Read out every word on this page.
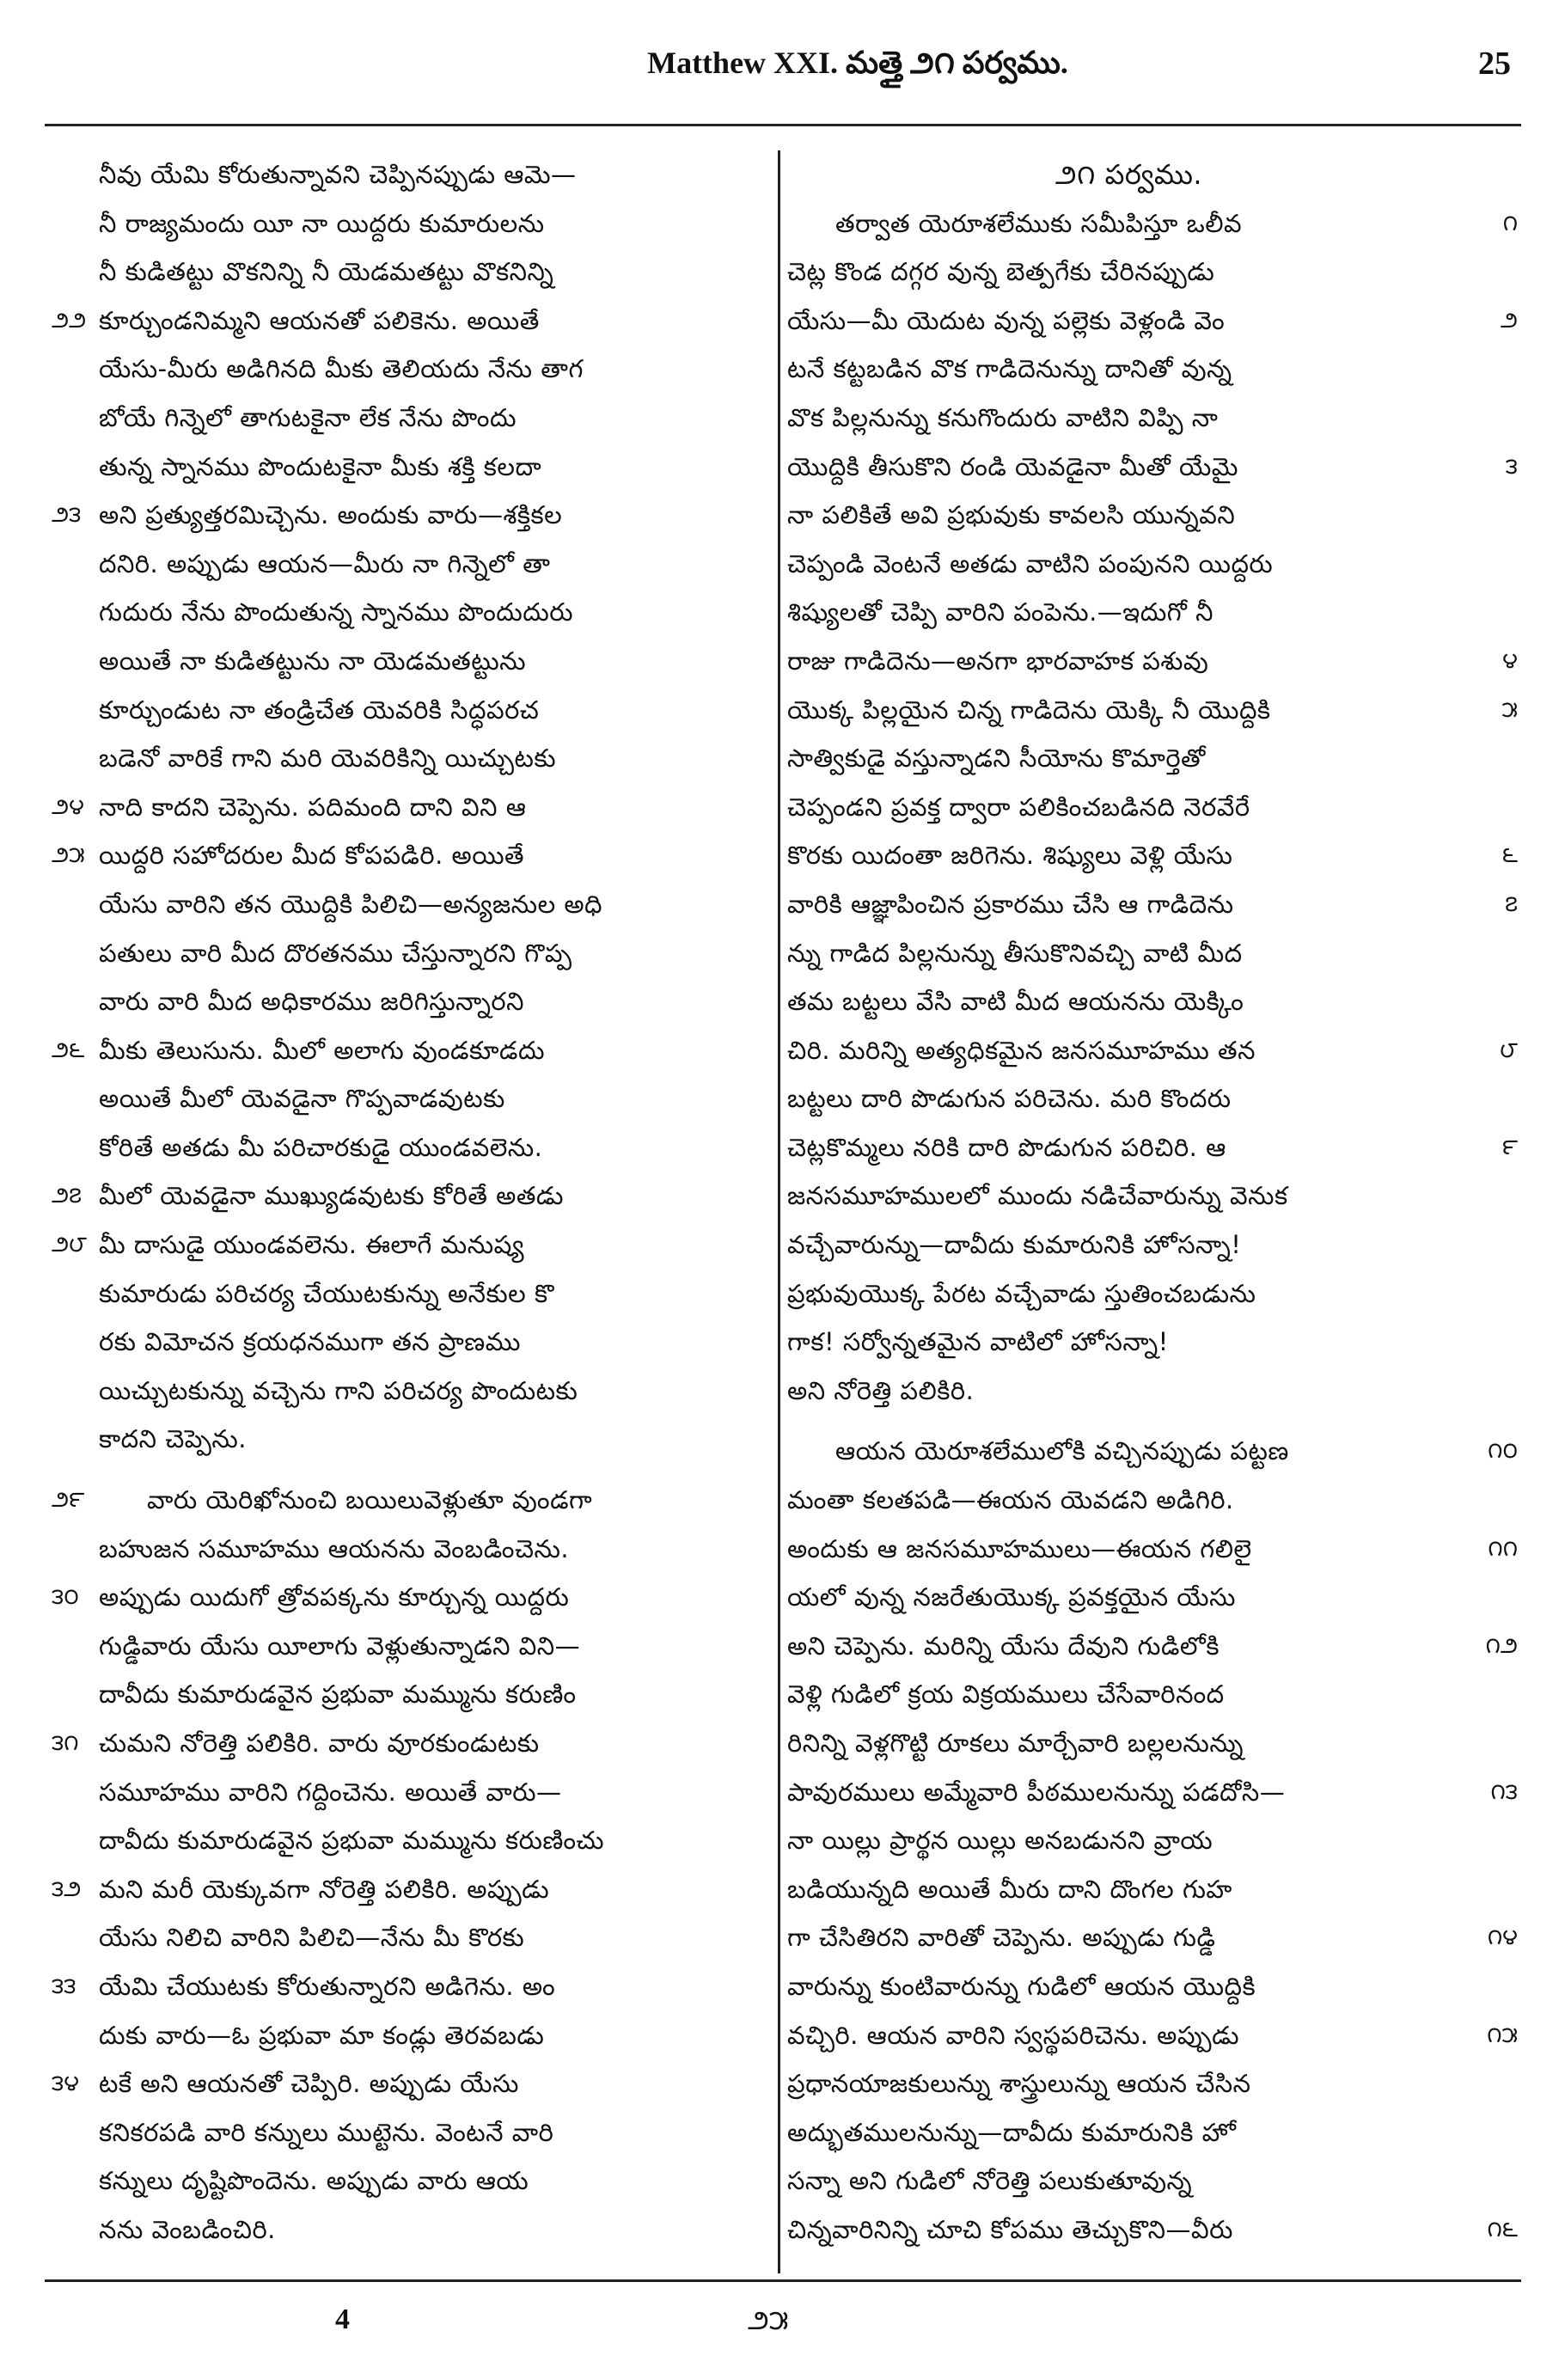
Matthew XXI. మత్తై ౨౧ పర్వము.	25
నీవు యేమి కోరుతున్నావని చెప్పినప్పుడు ఆమె—
నీ రాజ్యమందు యీ నా యిద్దరు కుమారులను
నీ కుడితట్టు వొకనిన్ని నీ యెడమతట్టు వొకనిన్ని
౨౨ కూర్చుండనిమ్మని ఆయనతో పలికెను. అయితే
యేసు-మీరు అడిగినది మీకు తెలియదు నేను తాగ
బోయే గిన్నెలో తాగుటకైనా లేక నేను పొందు
తున్న స్నానము పొందుటకైనా మీకు శక్తి కలదా
౨౩ అని ప్రత్యుత్తరమిచ్చెను. అందుకు వారు—శక్తికల
దనిరి. అప్పుడు ఆయన—మీరు నా గిన్నెలో తా
గుదురు నేను పొందుతున్న స్నానము పొందుదురు
అయితే నా కుడితట్టును నా యెడమతట్టును
కూర్చుండుట నా తండ్రిచేత యెవరికి సిద్ధపరచ
బడెనో వారికే గాని మరి యెవరికిన్ని యిచ్చుటకు
౨౪ నాది కాదని చెప్పెను. పదిమంది దాని విని ఆ
౨౫ యిద్దరి సహోదరుల మీద కోపపడిరి. అయితే
యేసు వారిని తన యొద్దికి పిలిచి—అన్యజనుల అధి
పతులు వారి మీద దొరతనము చేస్తున్నారని గొప్ప
వారు వారి మీద అధికారము జరిగిస్తున్నారని
౨౬ మీకు తెలుసును. మీలో అలాగు వుండకూడదు
అయితే మీలో యెవడైనా గొప్పవాడవుటకు
కోరితే అతడు మీ పరిచారకుడై యుండవలెను.
౨౭ మీలో యెవడైనా ముఖ్యుడవుటకు కోరితే అతడు
౨౮ మీ దాసుడై యుండవలెను. ఈలాగే మనుష్య
కుమారుడు పరిచర్య చేయుటకున్ను అనేకుల కొ
రకు విమోచన క్రయధనముగా తన ప్రాణము
యిచ్చుటకున్ను వచ్చెను గాని పరిచర్య పొందుటకు
కాదని చెప్పెను.
౨౯	వారు యెరిఖోనుంచి బయిలువెళ్లుతూ వుండగా
బహుజన సమూహము ఆయనను వెంబడించెను.
౩౦ అప్పుడు యిదుగో త్రోవపక్కను కూర్చున్న యిద్దరు
గుడ్డివారు యేసు యీలాగు వెళ్లుతున్నాడని విని—
దావీదు కుమారుడవైన ప్రభువా మమ్మును కరుణిం
౩౧ చుమని నోరెత్తి పలికిరి. వారు వూరకుండుటకు
సమూహము వారిని గద్దించెను. అయితే వారు—
దావీదు కుమారుడవైన ప్రభువా మమ్మును కరుణించు
౩౨ మని మరీ యెక్కువగా నోరెత్తి పలికిరి. అప్పుడు
యేసు నిలిచి వారిని పిలిచి—నేను మీ కొరకు
౩౩ యేమి చేయుటకు కోరుతున్నారని అడిగెను. అం
దుకు వారు—ఓ ప్రభువా మా కండ్లు తెరవబడు
౩౪ టకే అని ఆయనతో చెప్పిరి. అప్పుడు యేసు
కనికరపడి వారి కన్నులు ముట్టెను. వెంటనే వారి
కన్నులు దృష్టిపొందెను. అప్పుడు వారు ఆయ
నను వెంబడించిరి.
౨౧ పర్వము.
౧
తర్వాత యెరూశలేముకు సమీపిస్తూ ఒలీవ
చెట్ల కొండ దగ్గర వున్న బెత్పగేకు చేరినప్పుడు
౨
యేసు—మీ యెదుట వున్న పల్లెకు వెళ్లండి వెం
టనే కట్టబడిన వొక గాడిదెనున్ను దానితో వున్న
వొక పిల్లనున్ను కనుగొందురు వాటిని విప్పి నా
౩
యొద్దికి తీసుకొని రండి యెవడైనా మీతో యేమై
నా పలికితే అవి ప్రభువుకు కావలసి యున్నవని
చెప్పండి వెంటనే అతడు వాటిని పంపునని యిద్దరు
శిష్యులతో చెప్పి వారిని పంపెను.—ఇదుగో నీ
౪
రాజు గాడిదెను—అనగా భారవాహక పశువు
౫
యొక్క పిల్లయైన చిన్న గాడిదెను యెక్కి నీ యొద్దికి
సాత్వికుడై వస్తున్నాడని సీయోను కొమార్తెతో
చెప్పండని ప్రవక్త ద్వారా పలికించబడినది నెరవేరే
౬
కొరకు యిదంతా జరిగెను. శిష్యులు వెళ్లి యేసు
౭
వారికి ఆజ్ఞాపించిన ప్రకారము చేసి ఆ గాడిదెను
న్ను గాడిద పిల్లనున్ను తీసుకొనివచ్చి వాటి మీద
తమ బట్టలు వేసి వాటి మీద ఆయనను యెక్కిం
౮
చిరి. మరిన్ని అత్యధికమైన జనసమూహము తన
బట్టలు దారి పొడుగున పరిచెను. మరి కొందరు
౯
చెట్లకొమ్మలు నరికి దారి పొడుగున పరిచిరి. ఆ
జనసమూహములలో ముందు నడిచేవారున్ను వెనుక
వచ్చేవారున్ను—దావీదు కుమారునికి హోసన్నా!
ప్రభువుయొక్క పేరట వచ్చేవాడు స్తుతించబడును
గాక! సర్వోన్నతమైన వాటిలో హోసన్నా!
అని నోరెత్తి పలికిరి.
౧౦
ఆయన యెరూశలేములోకి వచ్చినప్పుడు పట్టణ
మంతా కలతపడి—ఈయన యెవడని అడిగిరి.
౧౧
అందుకు ఆ జనసమూహములు—ఈయన గలిలై
యలో వున్న నజరేతుయొక్క ప్రవక్తయైన యేసు
౧౨
అని చెప్పెను. మరిన్ని యేసు దేవుని గుడిలోకి
వెళ్లి గుడిలో క్రయ విక్రయములు చేసేవారినంద
రినిన్ని వెళ్లగొట్టి రూకలు మార్చేవారి బల్లలనున్ను
౧౩
పావురములు అమ్మేవారి పీఠములనున్ను పడదోసి—
నా యిల్లు ప్రార్థన యిల్లు అనబడునని వ్రాయ
బడియున్నది అయితే మీరు దాని దొంగల గుహ
౧౪
గా చేసితిరని వారితో చెప్పెను. అప్పుడు గుడ్డి
వారున్ను కుంటివారున్ను గుడిలో ఆయన యొద్దికి
౧౫
వచ్చిరి. ఆయన వారిని స్వస్థపరిచెను. అప్పుడు
ప్రధానయాజకులున్ను శాస్త్రులున్ను ఆయన చేసిన
అద్భుతములనున్ను—దావీదు కుమారునికి హో
సన్నా అని గుడిలో నోరెత్తి పలుకుతూవున్న
౧౬
చిన్నవారినిన్ని చూచి కోపము తెచ్చుకొని—వీరు
4	౨౫
